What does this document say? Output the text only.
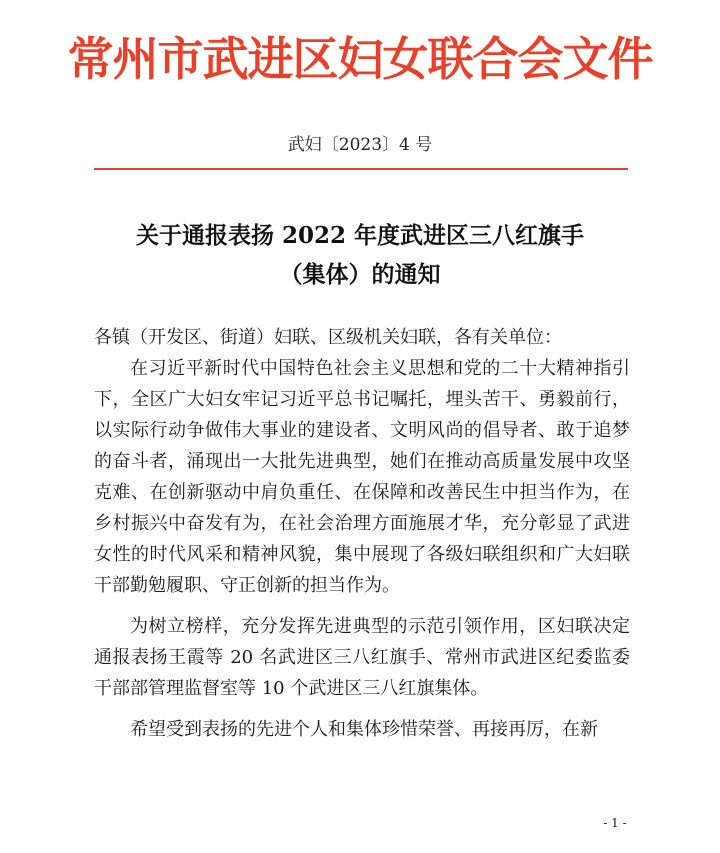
常州市武进区妇女联合会文件
武妇〔2023〕4 号
关于通报表扬 2022 年度武进区三八红旗手
（集体）的通知

各镇（开发区、街道）妇联、区级机关妇联，各有关单位：

在习近平新时代中国特色社会主义思想和党的二十大精神指引下，全区广大妇女牢记习近平总书记嘱托，埋头苦干、勇毅前行，以实际行动争做伟大事业的建设者、文明风尚的倡导者、敢于追梦的奋斗者，涌现出一大批先进典型，她们在推动高质量发展中攻坚克难、在创新驱动中肩负重任、在保障和改善民生中担当作为，在乡村振兴中奋发有为，在社会治理方面施展才华，充分彰显了武进女性的时代风采和精神风貌，集中展现了各级妇联组织和广大妇联干部勤勉履职、守正创新的担当作为。

为树立榜样，充分发挥先进典型的示范引领作用，区妇联决定通报表扬王霞等 20 名武进区三八红旗手、常州市武进区纪委监委干部部管理监督室等 10 个武进区三八红旗集体。

希望受到表扬的先进个人和集体珍惜荣誉、再接再厉，在新

- 1 -
